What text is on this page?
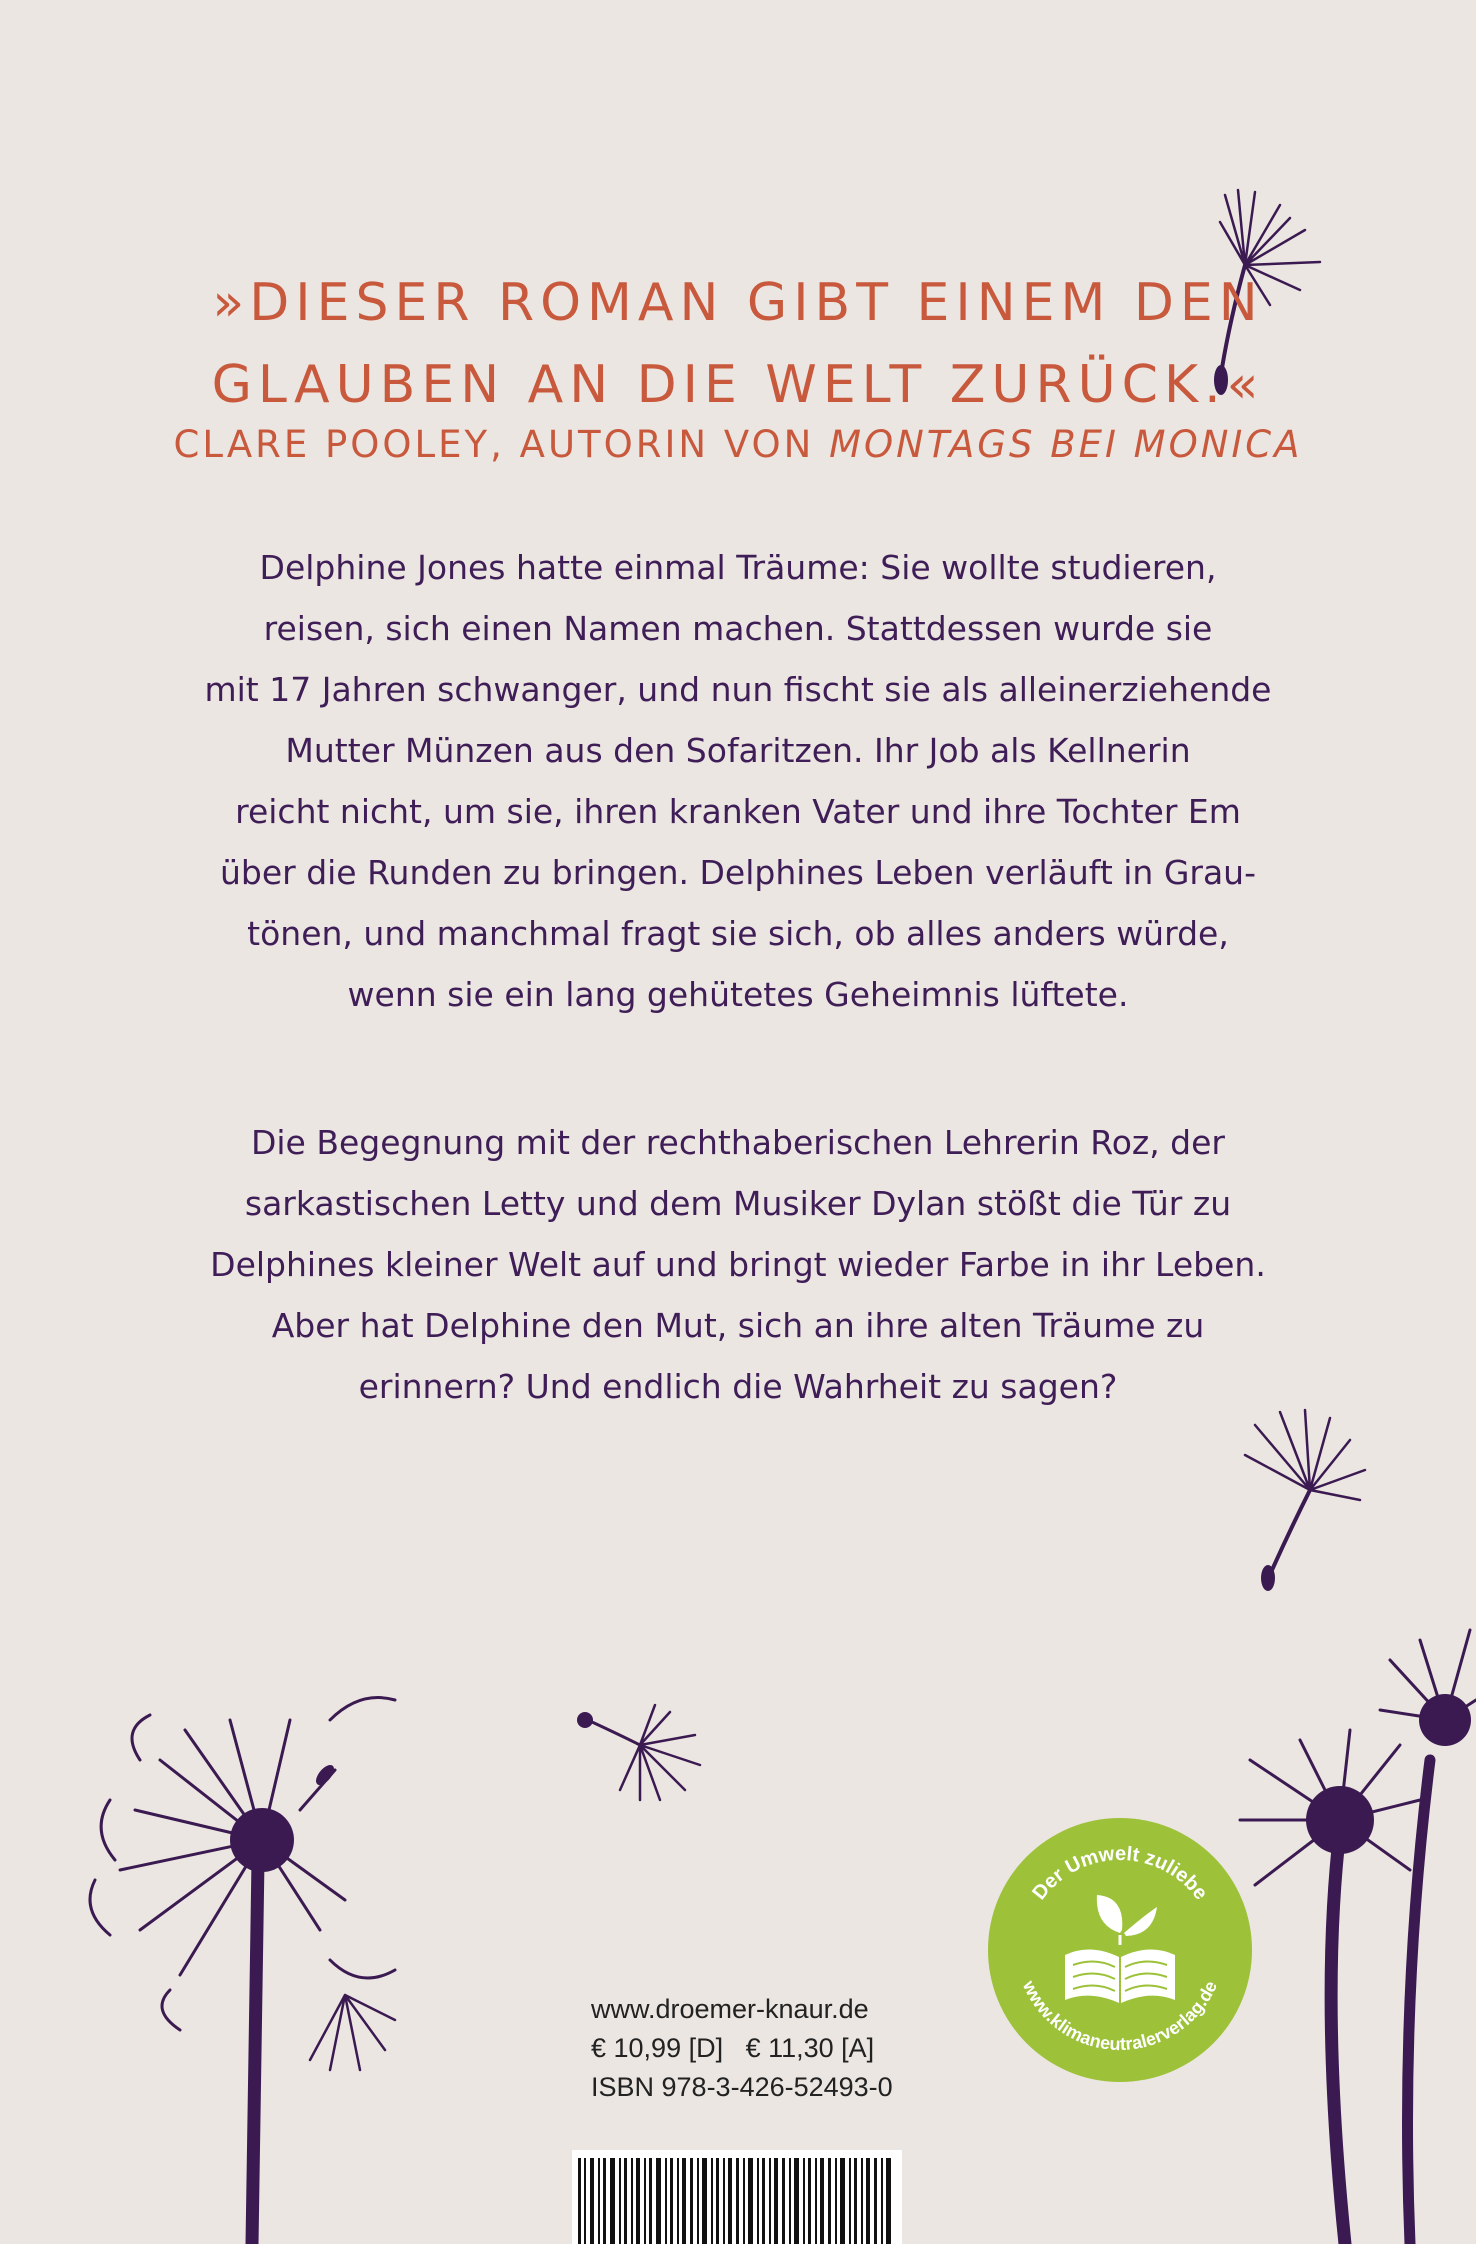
»DIESER ROMAN GIBT EINEM DEN
GLAUBEN AN DIE WELT ZURÜCK.«
CLARE POOLEY, AUTORIN VON MONTAGS BEI MONICA

Delphine Jones hatte einmal Träume: Sie wollte studieren,
reisen, sich einen Namen machen. Stattdessen wurde sie
mit 17 Jahren schwanger, und nun fischt sie als alleinerziehende
Mutter Münzen aus den Sofaritzen. Ihr Job als Kellnerin
reicht nicht, um sie, ihren kranken Vater und ihre Tochter Em
über die Runden zu bringen. Delphines Leben verläuft in Grau-
tönen, und manchmal fragt sie sich, ob alles anders würde,
wenn sie ein lang gehütetes Geheimnis lüftete.

Die Begegnung mit der rechthaberischen Lehrerin Roz, der
sarkastischen Letty und dem Musiker Dylan stößt die Tür zu
Delphines kleiner Welt auf und bringt wieder Farbe in ihr Leben.
Aber hat Delphine den Mut, sich an ihre alten Träume zu
erinnern? Und endlich die Wahrheit zu sagen?

www.droemer-knaur.de
€ 10,99 [D]   € 11,30 [A]
ISBN 978-3-426-52493-0
Der Umwelt zuliebe
www.klimaneutralerverlag.de
